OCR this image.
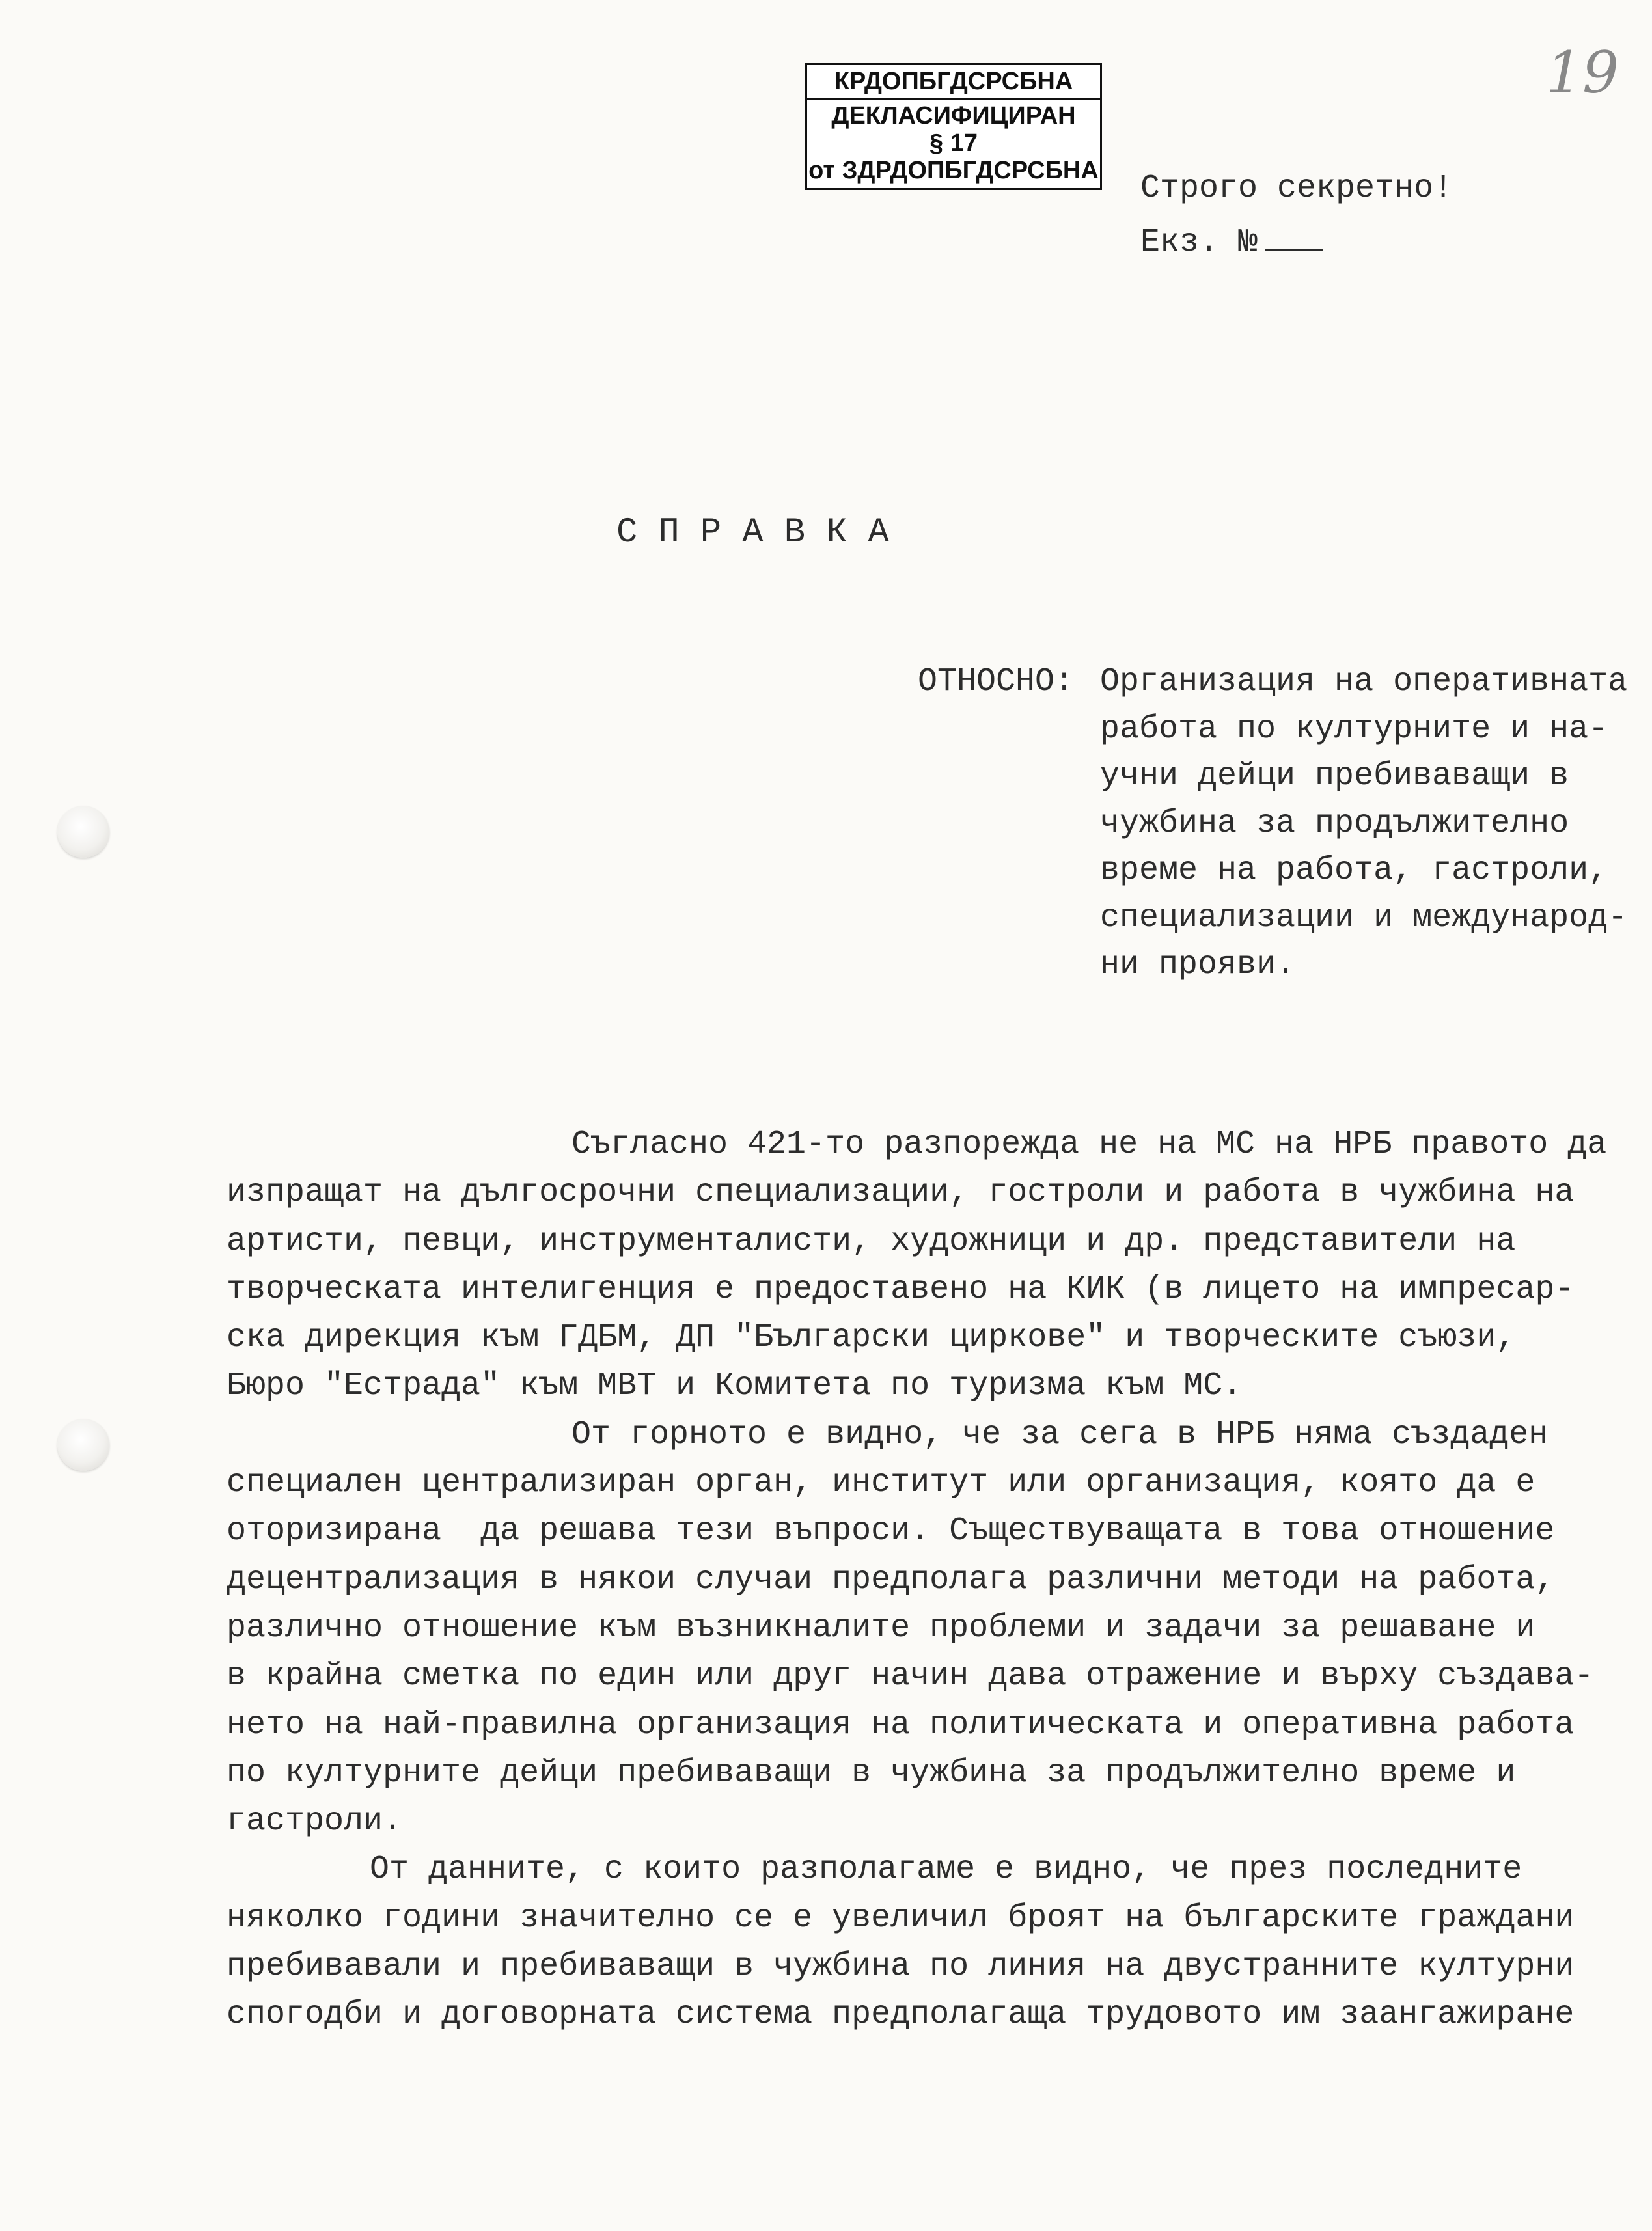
КРДОПБГДСРСБНА
ДЕКЛАСИФИЦИРАН
§ 17
от ЗДРДОПБГДСРСБНА
19
Строго секретно!
Екз. №
СПРАВКА
ОТНОСНО: Организация на оперативната
работа по културните и на-
учни дейци пребиваващи в
чужбина за продължително
време на работа, гастроли,
специализации и международ-
ни прояви.
Съгласно 421-то разпорежда не на МС на НРБ правото да
изпращат на дългосрочни специализации, гостроли и работа в чужбина на
артисти, певци, инструменталисти, художници и др. представители на
творческата интелигенция е предоставено на КИК (в лицето на импресар-
ска дирекция към ГДБМ, ДП "Български циркове" и творческите съюзи,
Бюро "Естрада" към МВТ и Комитета по туризма към МС.
От горното е видно, че за сега в НРБ няма създаден
специален централизиран орган, институт или организация, която да е
оторизирана  да решава тези въпроси. Съществуващата в това отношение
децентрализация в някои случаи предполага различни методи на работа,
различно отношение към възникналите проблеми и задачи за решаване и
в крайна сметка по един или друг начин дава отражение и върху създава-
нето на най-правилна организация на политическата и оперативна работа
по културните дейци пребиваващи в чужбина за продължително време и
гастроли.
От данните, с които разполагаме е видно, че през последните
няколко години значително се е увеличил броят на българските граждани
пребивавали и пребиваващи в чужбина по линия на двустранните културни
спогодби и договорната система предполагаща трудовото им заангажиране
